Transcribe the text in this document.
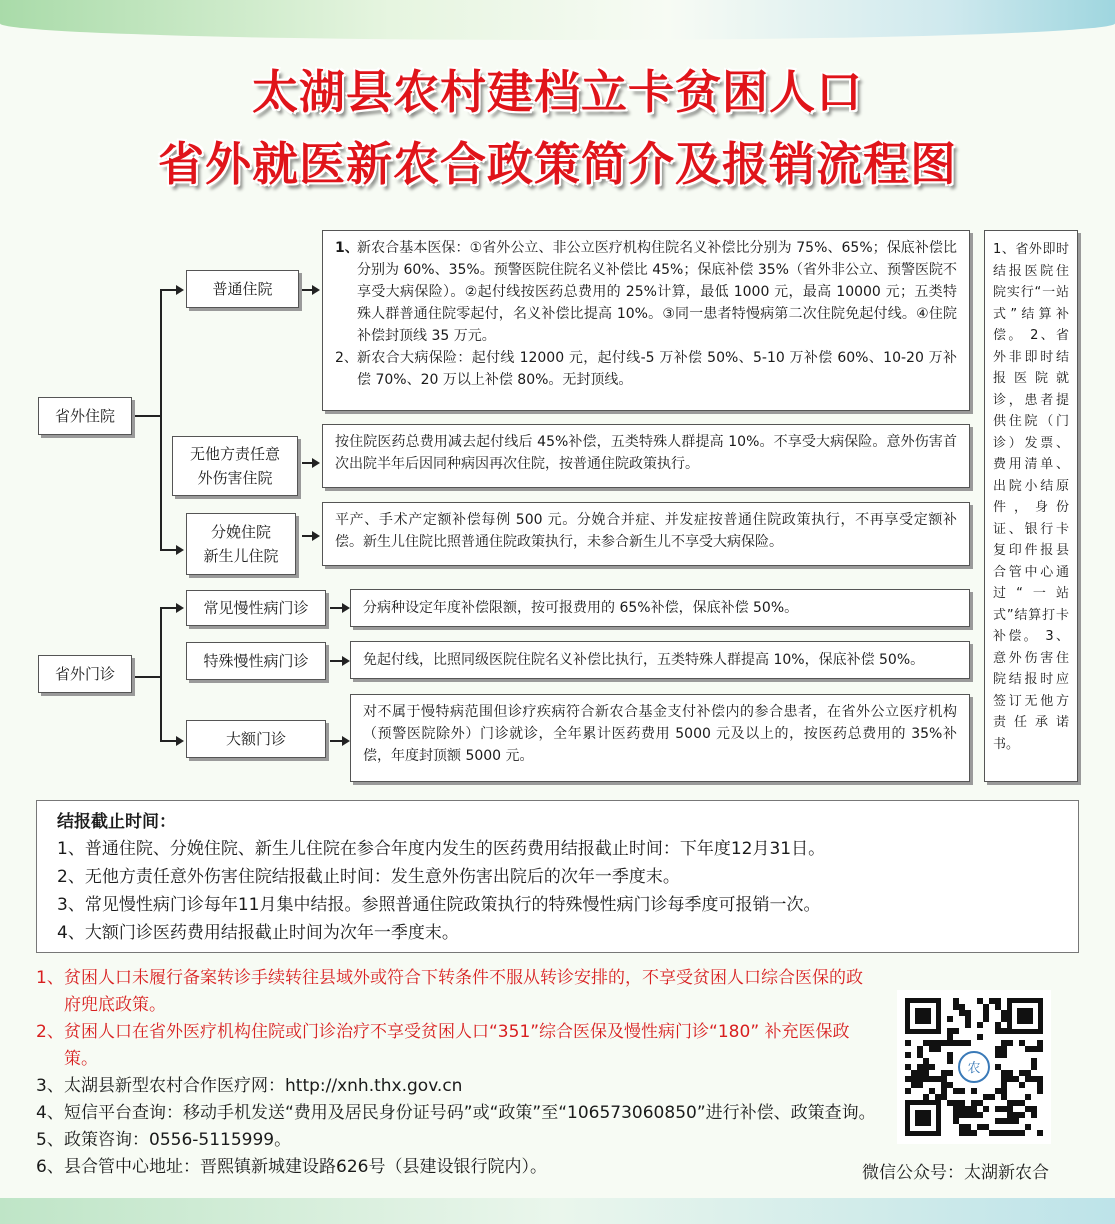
太湖县农村建档立卡贫困人口
省外就医新农合政策简介及报销流程图
省外住院
省外门诊
普通住院
无他方责任意
外伤害住院
分娩住院
新生儿住院
1、
新农合基本医保：①省外公立、非公立医疗机构住院名义补偿比分别为 75%、65%；保底补偿比分别为 60%、35%。预警医院住院名义补偿比 45%；保底补偿 35%（省外非公立、预警医院不享受大病保险）。②起付线按医药总费用的 25%计算，最低 1000 元，最高 10000 元；五类特殊人群普通住院零起付，名义补偿比提高 10%。③同一患者特慢病第二次住院免起付线。④住院补偿封顶线 35 万元。
2、 新农合大病保险：起付线 12000 元，起付线-5 万补偿 50%、5-10 万补偿 60%、10-20 万补偿 70%、20 万以上补偿 80%。无封顶线。
按住院医药总费用减去起付线后 45%补偿，五类特殊人群提高 10%。不享受大病保险。意外伤害首次出院半年后因同种病因再次住院，按普通住院政策执行。
平产、手术产定额补偿每例 500 元。分娩合并症、并发症按普通住院政策执行，不再享受定额补偿。新生儿住院比照普通住院政策执行，未参合新生儿不享受大病保险。
常见慢性病门诊
特殊慢性病门诊
大额门诊
分病种设定年度补偿限额，按可报费用的 65%补偿，保底补偿 50%。
免起付线，比照同级医院住院名义补偿比执行，五类特殊人群提高 10%，保底补偿 50%。
对不属于慢特病范围但诊疗疾病符合新农合基金支付补偿内的参合患者，在省外公立医疗机构（预警医院除外）门诊就诊，全年累计医药费用 5000 元及以上的，按医药总费用的 35%补偿，年度封顶额 5000 元。
1、省外即时结报医院住院实行“一站式”结算补偿。 2、省外非即时结报医院就诊，患者提供住院（门诊）发票、费用清单、出院小结原件，身份证、银行卡复印件报县合管中心通过“一站式”结算打卡补偿。 3、意外伤害住院结报时应签订无他方责任承诺书。
结报截止时间：
1、普通住院、分娩住院、新生儿住院在参合年度内发生的医药费用结报截止时间：下年度12月31日。
2、无他方责任意外伤害住院结报截止时间：发生意外伤害出院后的次年一季度末。
3、常见慢性病门诊每年11月集中结报。参照普通住院政策执行的特殊慢性病门诊每季度可报销一次。
4、大额门诊医药费用结报截止时间为次年一季度末。
1、 贫困人口未履行备案转诊手续转往县域外或符合下转条件不服从转诊安排的，不享受贫困人口综合医保的政府兜底政策。
2、 贫困人口在省外医疗机构住院或门诊治疗不享受贫困人口“351”综合医保及慢性病门诊“180” 补充医保政策。
3、 太湖县新型农村合作医疗网：http://xnh.thx.gov.cn
4、 短信平台查询：移动手机发送“费用及居民身份证号码”或“政策”至“106573060850”进行补偿、政策查询。
5、 政策咨询：0556-5115999。
6、 县合管中心地址：晋熙镇新城建设路626号（县建设银行院内）。
农
微信公众号：太湖新农合
